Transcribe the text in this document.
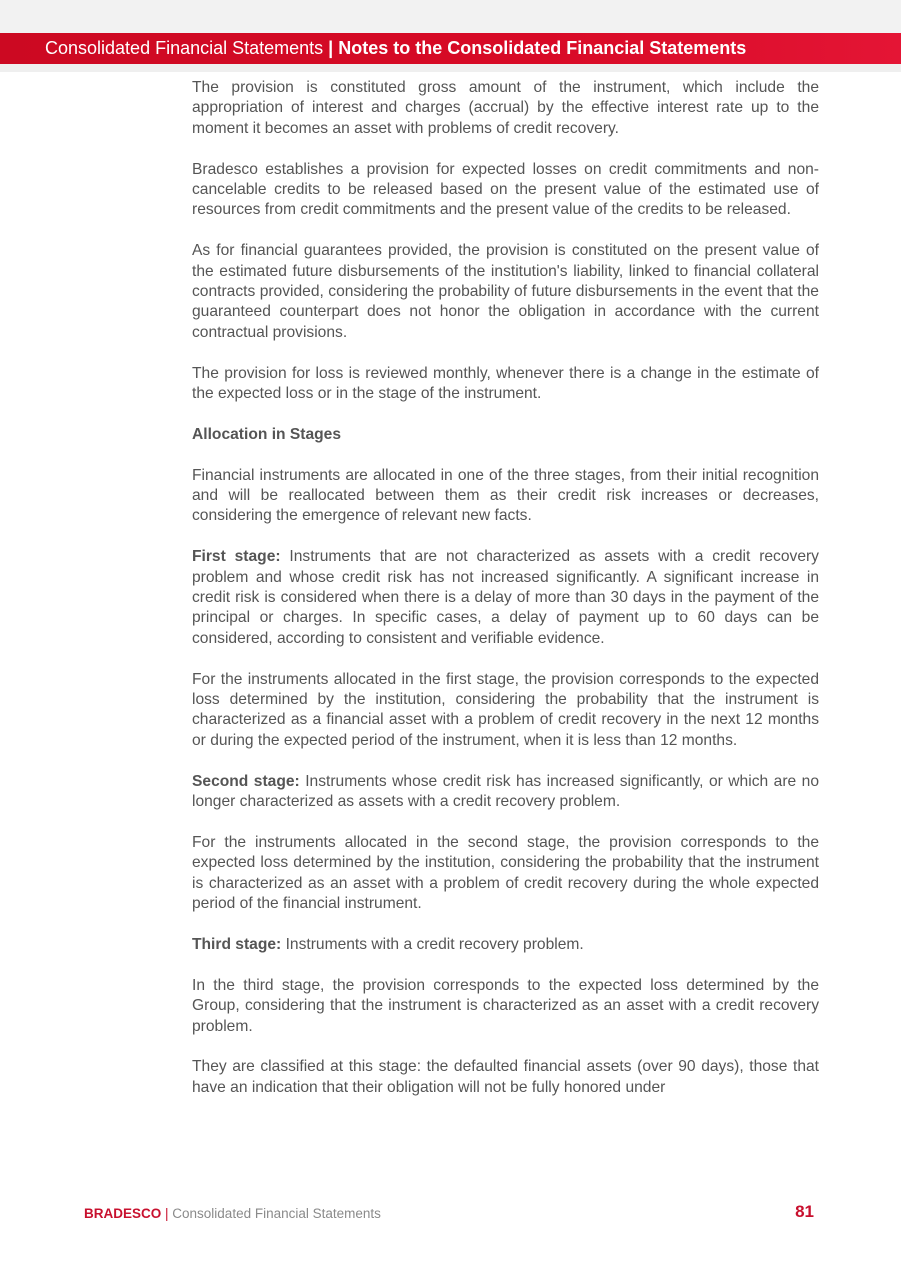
Consolidated Financial Statements | Notes to the Consolidated Financial Statements

The provision is constituted gross amount of the instrument, which include the appropriation of interest and charges (accrual) by the effective interest rate up to the moment it becomes an asset with problems of credit recovery.

Bradesco establishes a provision for expected losses on credit commitments and non-cancelable credits to be released based on the present value of the estimated use of resources from credit commitments and the present value of the credits to be released.

As for financial guarantees provided, the provision is constituted on the present value of the estimated future disbursements of the institution's liability, linked to financial collateral contracts provided, considering the probability of future disbursements in the event that the guaranteed counterpart does not honor the obligation in accordance with the current contractual provisions.

The provision for loss is reviewed monthly, whenever there is a change in the estimate of the expected loss or in the stage of the instrument.

Allocation in Stages

Financial instruments are allocated in one of the three stages, from their initial recognition and will be reallocated between them as their credit risk increases or decreases, considering the emergence of relevant new facts.

First stage: Instruments that are not characterized as assets with a credit recovery problem and whose credit risk has not increased significantly. A significant increase in credit risk is considered when there is a delay of more than 30 days in the payment of the principal or charges. In specific cases, a delay of payment up to 60 days can be considered, according to consistent and verifiable evidence.

For the instruments allocated in the first stage, the provision corresponds to the expected loss determined by the institution, considering the probability that the instrument is characterized as a financial asset with a problem of credit recovery in the next 12 months or during the expected period of the instrument, when it is less than 12 months.

Second stage: Instruments whose credit risk has increased significantly, or which are no longer characterized as assets with a credit recovery problem.

For the instruments allocated in the second stage, the provision corresponds to the expected loss determined by the institution, considering the probability that the instrument is characterized as an asset with a problem of credit recovery during the whole expected period of the financial instrument.

Third stage: Instruments with a credit recovery problem.

In the third stage, the provision corresponds to the expected loss determined by the Group, considering that the instrument is characterized as an asset with a credit recovery problem.

They are classified at this stage: the defaulted financial assets (over 90 days), those that have an indication that their obligation will not be fully honored under

BRADESCO | Consolidated Financial Statements	81
